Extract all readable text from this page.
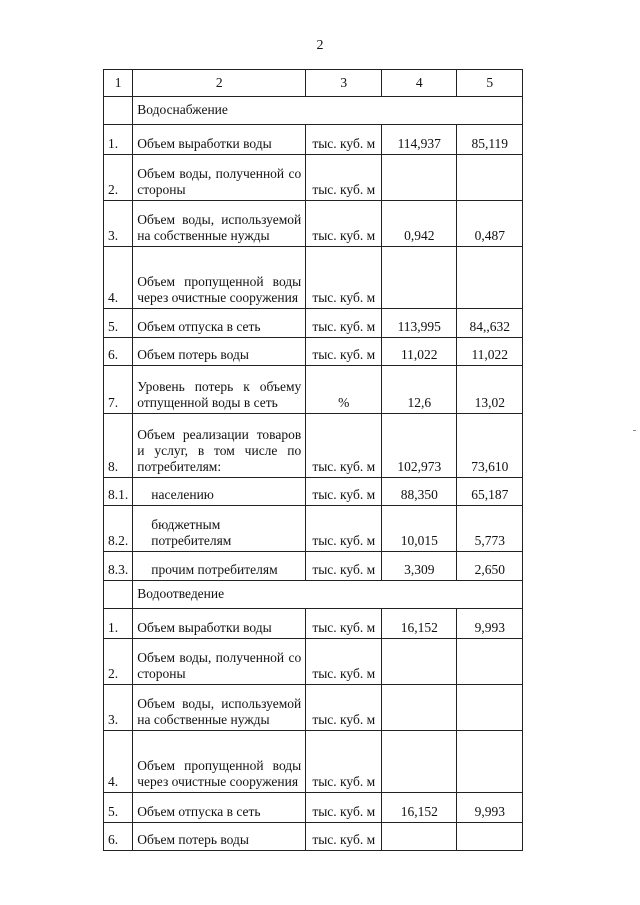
2
1	2	3	4	5
	Водоснабжение			
1.	Объем выработки воды	тыс. куб. м	114,937	85,119
2.	Объем воды, полученной со стороны	тыс. куб. м		
3.	Объем воды, используемой на собственные нужды	тыс. куб. м	0,942	0,487
4.	Объем пропущенной воды через очистные сооружения	тыс. куб. м		
5.	Объем отпуска в сеть	тыс. куб. м	113,995	84,,632
6.	Объем потерь воды	тыс. куб. м	11,022	11,022
7.	Уровень потерь к объему отпущенной воды в сеть	%	12,6	13,02
8.	Объем реализации товаров и услуг, в том числе по потребителям:	тыс. куб. м	102,973	73,610
8.1.	населению	тыс. куб. м	88,350	65,187
8.2.	бюджетным потребителям	тыс. куб. м	10,015	5,773
8.3.	прочим потребителям	тыс. куб. м	3,309	2,650
	Водоотведение			
1.	Объем выработки воды	тыс. куб. м	16,152	9,993
2.	Объем воды, полученной со стороны	тыс. куб. м		
3.	Объем воды, используемой на собственные нужды	тыс. куб. м		
4.	Объем пропущенной воды через очистные сооружения	тыс. куб. м		
5.	Объем отпуска в сеть	тыс. куб. м	16,152	9,993
6.	Объем потерь воды	тыс. куб. м		
